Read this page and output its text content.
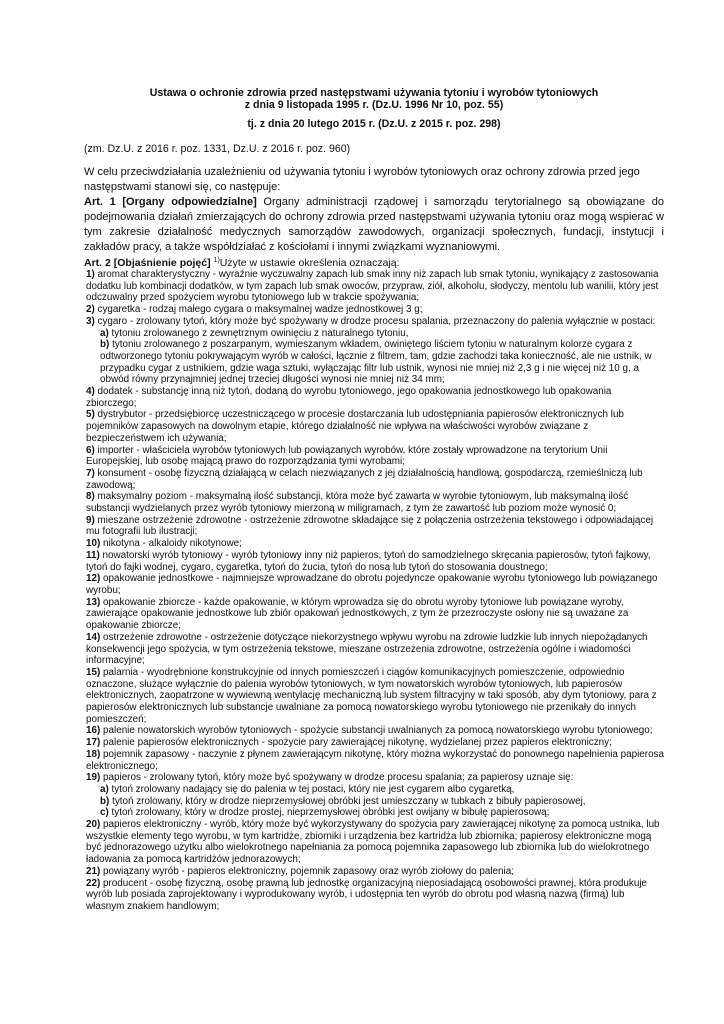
Ustawa o ochronie zdrowia przed następstwami używania tytoniu i wyrobów tytoniowych

z dnia 9 listopada 1995 r. (Dz.U. 1996 Nr 10, poz. 55)

tj. z dnia 20 lutego 2015 r. (Dz.U. z 2015 r. poz. 298)

(zm. Dz.U. z 2016 r. poz. 1331, Dz.U. z 2016 r. poz. 960)

W celu przeciwdziałania uzależnieniu od używania tytoniu i wyrobów tytoniowych oraz ochrony zdrowia przed jego następstwami stanowi się, co następuje:

Art. 1 [Organy odpowiedzialne] Organy administracji rządowej i samorządu terytorialnego są obowiązane do podejmowania działań zmierzających do ochrony zdrowia przed następstwami używania tytoniu oraz mogą wspierać w tym zakresie działalność medycznych samorządów zawodowych, organizacji społecznych, fundacji, instytucji i zakładów pracy, a także współdziałać z kościołami i innymi związkami wyznaniowymi.

Art. 2 [Objaśnienie pojęć] $^{1)}$Użyte w ustawie określenia oznaczają:

1) aromat charakterystyczny - wyraźnie wyczuwalny zapach lub smak inny niż zapach lub smak tytoniu, wynikający z zastosowania dodatku lub kombinacji dodatków, w tym zapach lub smak owoców, przypraw, ziół, alkoholu, słodyczy, mentolu lub wanilii, który jest odczuwalny przed spożyciem wyrobu tytoniowego lub w trakcie spożywania;

2) cygaretka - rodzaj małego cygara o maksymalnej wadze jednostkowej 3 g;

3) cygaro - zrolowany tytoń, który może być spożywany w drodze procesu spalania, przeznaczony do palenia wyłącznie w postaci:

a) tytoniu zrolowanego z zewnętrznym owinięciu z naturalnego tytoniu,

b) tytoniu zrolowanego z poszarpanym, wymieszanym wkładem, owiniętego liściem tytoniu w naturalnym kolorze cygara z odtworzonego tytoniu pokrywającym wyrób w całości, łącznie z filtrem, tam, gdzie zachodzi taka konieczność, ale nie ustnik, w przypadku cygar z ustnikiem, gdzie waga sztuki, wyłączając filtr lub ustnik, wynosi nie mniej niż 2,3 g i nie więcej niż 10 g, a obwód równy przynajmniej jednej trzeciej długości wynosi nie mniej niż 34 mm;

4) dodatek - substancję inną niż tytoń, dodaną do wyrobu tytoniowego, jego opakowania jednostkowego lub opakowania zbiorczego;

5) dystrybutor - przedsiębiorcę uczestniczącego w procesie dostarczania lub udostępniania papierosów elektronicznych lub pojemników zapasowych na dowolnym etapie, którego działalność nie wpływa na właściwości wyrobów związane z bezpieczeństwem ich używania;

6) importer - właściciela wyrobów tytoniowych lub powiązanych wyrobów, które zostały wprowadzone na terytorium Unii Europejskiej, lub osobę mającą prawo do rozporządzania tymi wyrobami;

7) konsument - osobę fizyczną działającą w celach niezwiązanych z jej działalnością handlową, gospodarczą, rzemieślniczą lub zawodową;

8) maksymalny poziom - maksymalną ilość substancji, która może być zawarta w wyrobie tytoniowym, lub maksymalną ilość substancji wydzielanych przez wyrób tytoniowy mierzoną w miligramach, z tym że zawartość lub poziom może wynosić 0;

9) mieszane ostrzeżenie zdrowotne - ostrzeżenie zdrowotne składające się z połączenia ostrzeżenia tekstowego i odpowiadającej mu fotografii lub ilustracji;

10) nikotyna - alkaloidy nikotynowe;

11) nowatorski wyrób tytoniowy - wyrób tytoniowy inny niż papieros, tytoń do samodzielnego skręcania papierosów, tytoń fajkowy, tytoń do fajki wodnej, cygaro, cygaretka, tytoń do żucia, tytoń do nosa lub tytoń do stosowania doustnego;

12) opakowanie jednostkowe - najmniejsze wprowadzane do obrotu pojedyncze opakowanie wyrobu tytoniowego lub powiązanego wyrobu;

13) opakowanie zbiorcze - każde opakowanie, w którym wprowadza się do obrotu wyroby tytoniowe lub powiązane wyroby, zawierające opakowanie jednostkowe lub zbiór opakowań jednostkowych, z tym że przezroczyste osłony nie są uważane za opakowanie zbiorcze;

14) ostrzeżenie zdrowotne - ostrzeżenie dotyczące niekorzystnego wpływu wyrobu na zdrowie ludzkie lub innych niepożądanych konsekwencji jego spożycia, w tym ostrzeżenia tekstowe, mieszane ostrzeżenia zdrowotne, ostrzeżenia ogólne i wiadomości informacyjne;

15) palarnia - wyodrębnione konstrukcyjnie od innych pomieszczeń i ciągów komunikacyjnych pomieszczenie, odpowiednio oznaczone, służące wyłącznie do palenia wyrobów tytoniowych, w tym nowatorskich wyrobów tytoniowych, lub papierosów elektronicznych, zaopatrzone w wywiewną wentylację mechaniczną lub system filtracyjny w taki sposób, aby dym tytoniowy, para z papierosów elektronicznych lub substancje uwalniane za pomocą nowatorskiego wyrobu tytoniowego nie przenikały do innych pomieszczeń;

16) palenie nowatorskich wyrobów tytoniowych - spożycie substancji uwalnianych za pomocą nowatorskiego wyrobu tytoniowego;

17) palenie papierosów elektronicznych - spożycie pary zawierającej nikotynę, wydzielanej przez papieros elektroniczny;

18) pojemnik zapasowy - naczynie z płynem zawierającym nikotynę, który można wykorzystać do ponownego napełnienia papierosa elektronicznego;

19) papieros - zrolowany tytoń, który może być spożywany w drodze procesu spalania; za papierosy uznaje się:

a) tytoń zrolowany nadający się do palenia w tej postaci, który nie jest cygarem albo cygaretką,

b) tytoń zrolowany, który w drodze nieprzemysłowej obróbki jest umieszczany w tubkach z bibuły papierosowej,

c) tytoń zrolowany, który w drodze prostej, nieprzemysłowej obróbki jest owijany w bibułę papierosową;

20) papieros elektroniczny - wyrób, który może być wykorzystywany do spożycia pary zawierającej nikotynę za pomocą ustnika, lub wszystkie elementy tego wyrobu, w tym kartridże, zbiorniki i urządzenia bez kartridża lub zbiornika; papierosy elektroniczne mogą być jednorazowego użytku albo wielokrotnego napełniania za pomocą pojemnika zapasowego lub zbiornika lub do wielokrotnego ładowania za pomocą kartridżów jednorazowych;

21) powiązany wyrób - papieros elektroniczny, pojemnik zapasowy oraz wyrób ziołowy do palenia;

22) producent - osobę fizyczną, osobę prawną lub jednostkę organizacyjną nieposiadającą osobowości prawnej, która produkuje wyrób lub posiada zaprojektowany i wyprodukowany wyrób, i udostępnia ten wyrób do obrotu pod własną nazwą (firmą) lub własnym znakiem handlowym;
